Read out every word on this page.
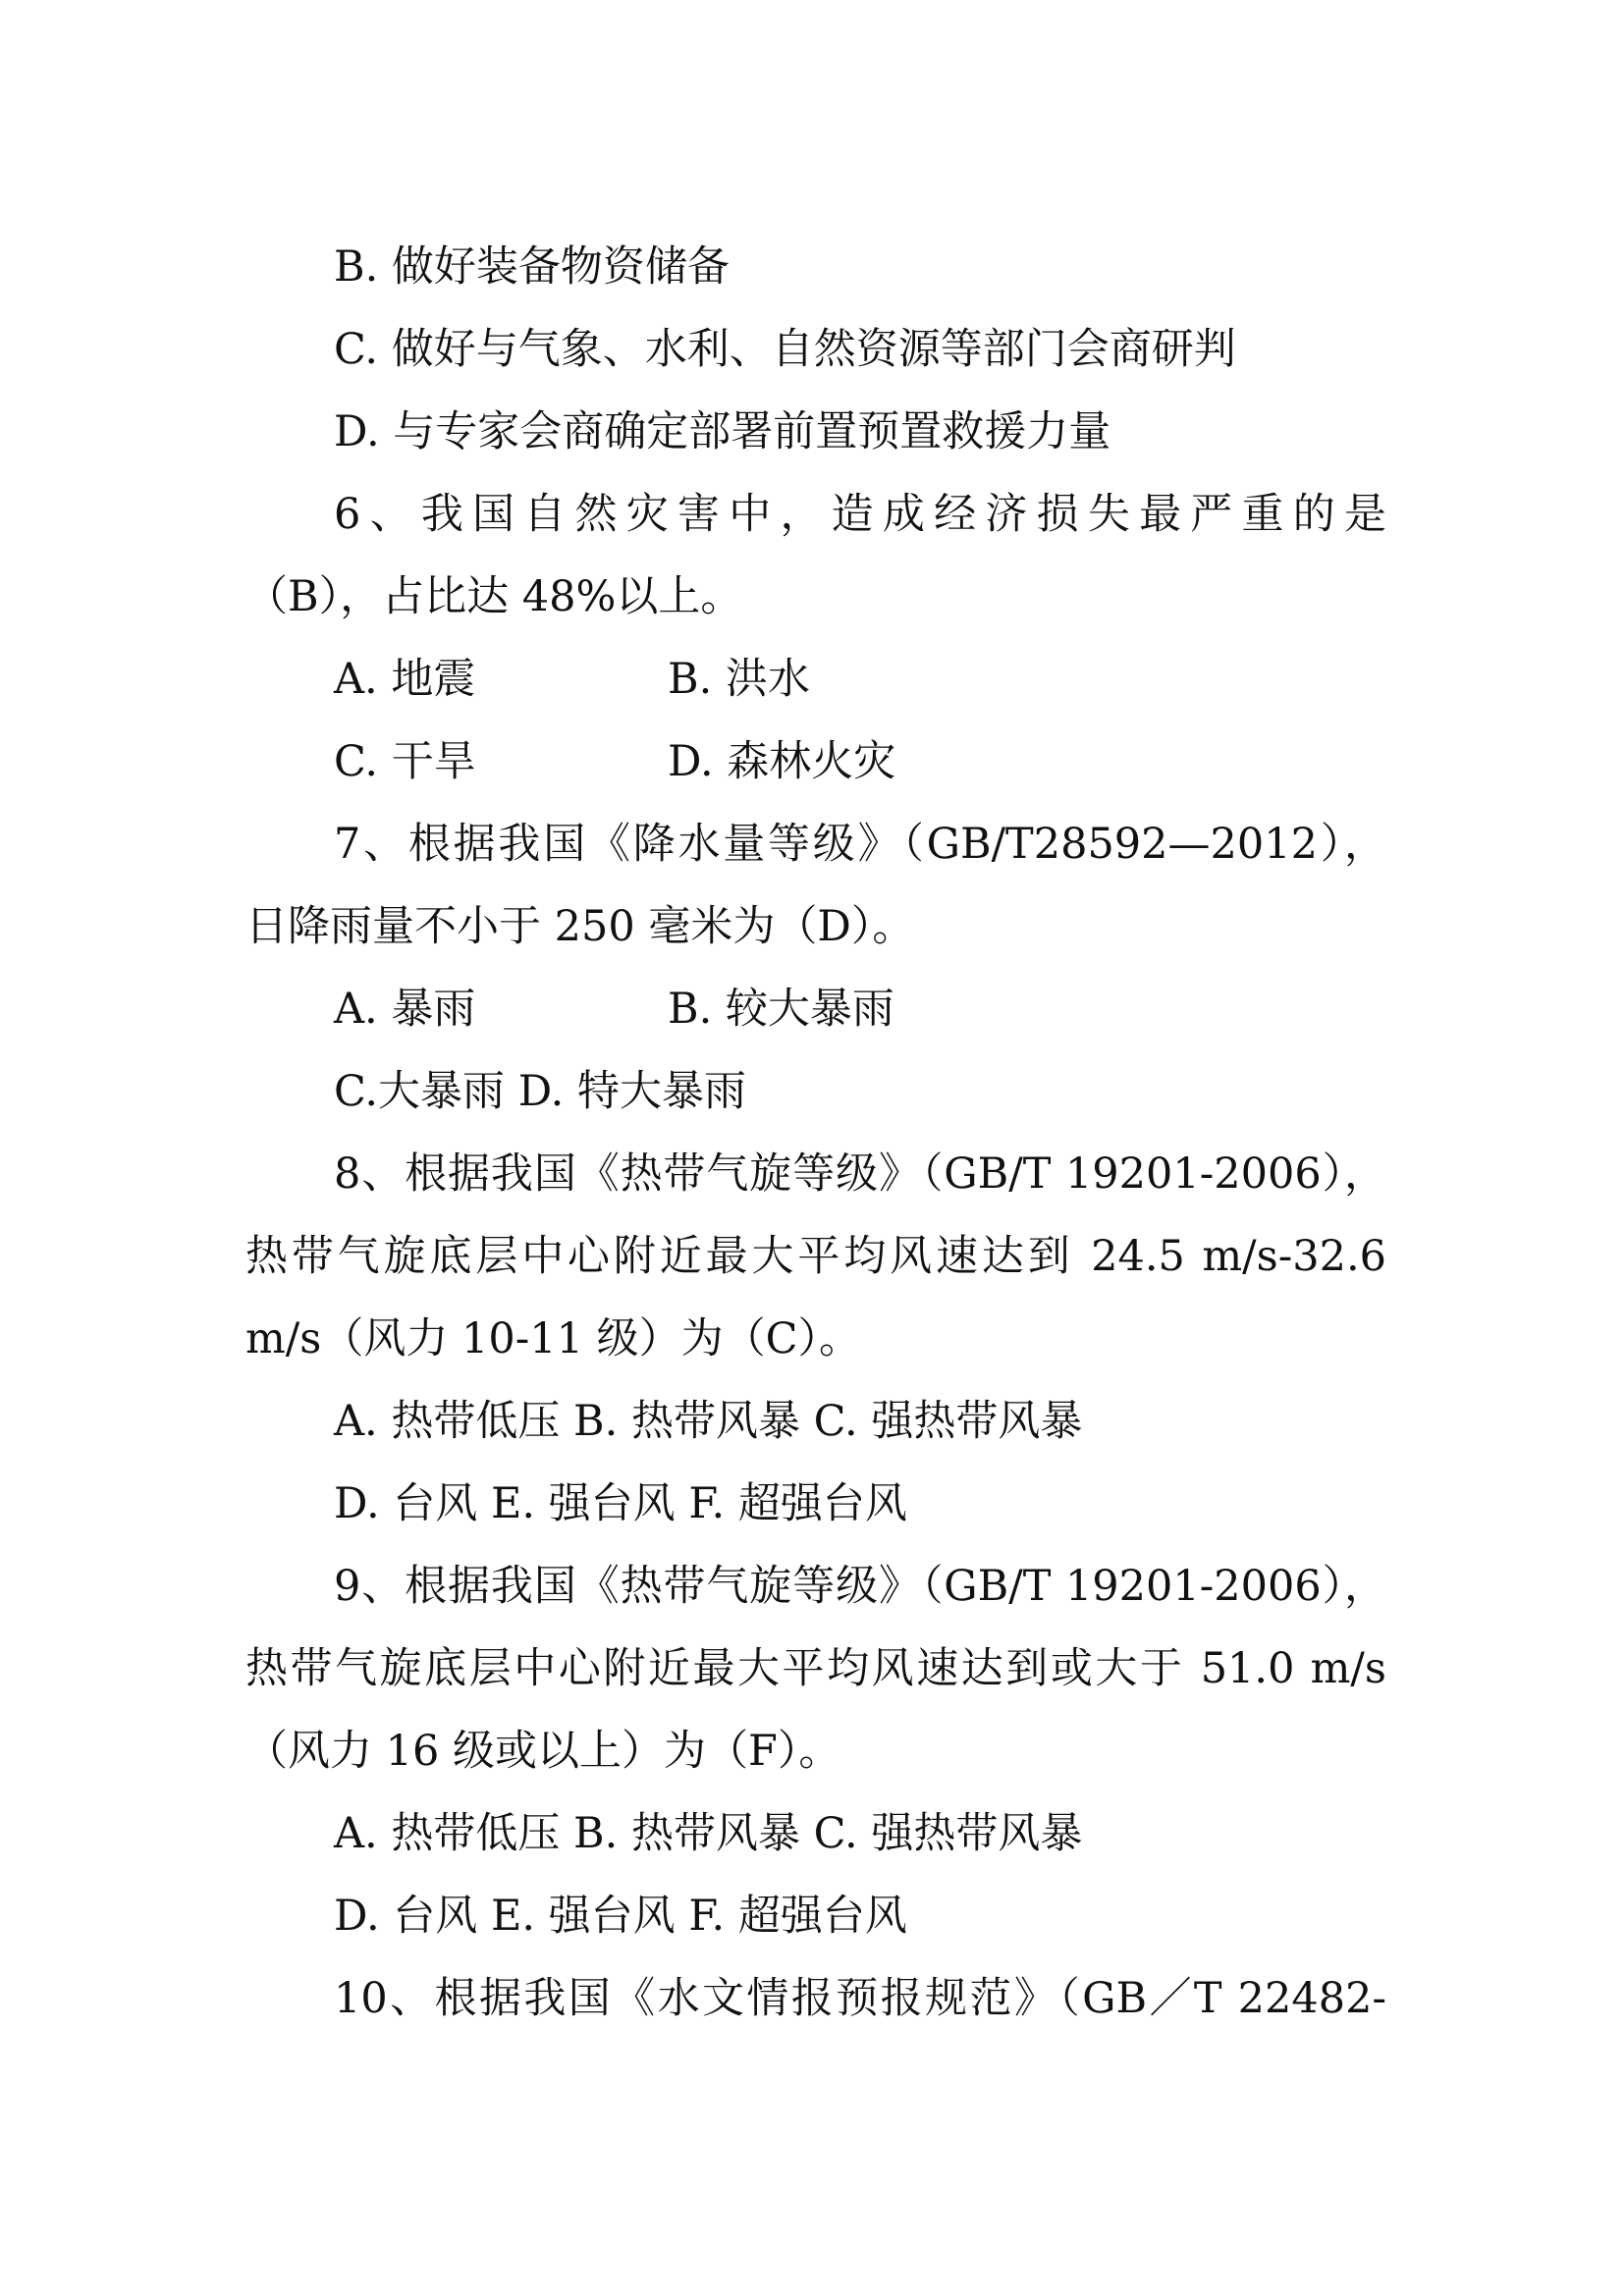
B. 做好装备物资储备
C. 做好与气象、水利、自然资源等部门会商研判
D. 与专家会商确定部署前置预置救援力量
6、我国自然灾害中，造成经济损失最严重的是
（B），占比达 48%以上。
A. 地震	B. 洪水
C. 干旱	D. 森林火灾
7、根据我国《降水量等级》（GB/T28592—2012），
日降雨量不小于 250 毫米为（D）。
A. 暴雨	B. 较大暴雨
C.大暴雨 D. 特大暴雨
8、根据我国《热带气旋等级》（GB/T 19201-2006），
热带气旋底层中心附近最大平均风速达到 24.5 m/s-32.6
m/s（风力 10-11 级）为（C）。
A. 热带低压 B. 热带风暴 C. 强热带风暴
D. 台风 E. 强台风 F. 超强台风
9、根据我国《热带气旋等级》（GB/T 19201-2006），
热带气旋底层中心附近最大平均风速达到或大于 51.0 m/s
（风力 16 级或以上）为（F）。
A. 热带低压 B. 热带风暴 C. 强热带风暴
D. 台风 E. 强台风 F. 超强台风
10、根据我国《水文情报预报规范》（GB／T 22482-
